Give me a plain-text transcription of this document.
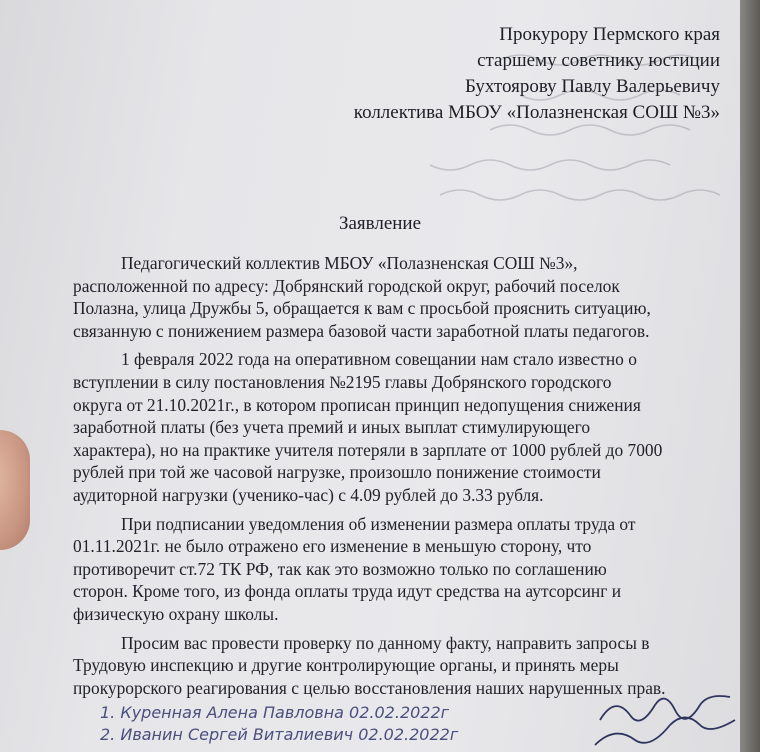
Прокурору Пермского края
старшему советнику юстиции
Бухтоярову Павлу Валерьевичу
коллектива МБОУ «Полазненская СОШ №3»
Заявление

Педагогический коллектив МБОУ «Полазненская СОШ №3»,
расположенной по адресу: Добрянский городской округ, рабочий поселок
Полазна, улица Дружбы 5, обращается к вам с просьбой прояснить ситуацию,
связанную с понижением размера базовой части заработной платы педагогов.

1 февраля 2022 года на оперативном совещании нам стало известно о
вступлении в силу постановления №2195 главы Добрянского городского
округа от 21.10.2021г., в котором прописан принцип недопущения снижения
заработной платы (без учета премий и иных выплат стимулирующего
характера), но на практике учителя потеряли в зарплате от 1000 рублей до 7000
рублей при той же часовой нагрузке, произошло понижение стоимости
аудиторной нагрузки (ученико-час) с 4.09 рублей до 3.33 рубля.

При подписании уведомления об изменении размера оплаты труда от
01.11.2021г. не было отражено его изменение в меньшую сторону, что
противоречит ст.72 ТК РФ, так как это возможно только по соглашению
сторон. Кроме того, из фонда оплаты труда идут средства на аутсорсинг и
физическую охрану школы.

Просим вас провести проверку по данному факту, направить запросы в
Трудовую инспекцию и другие контролирующие органы, и принять меры
прокурорского реагирования с целью восстановления наших нарушенных прав.

1. Куренная Алена Павловна 02.02.2022г
2. Иванин Сергей Виталиевич 02.02.2022г
